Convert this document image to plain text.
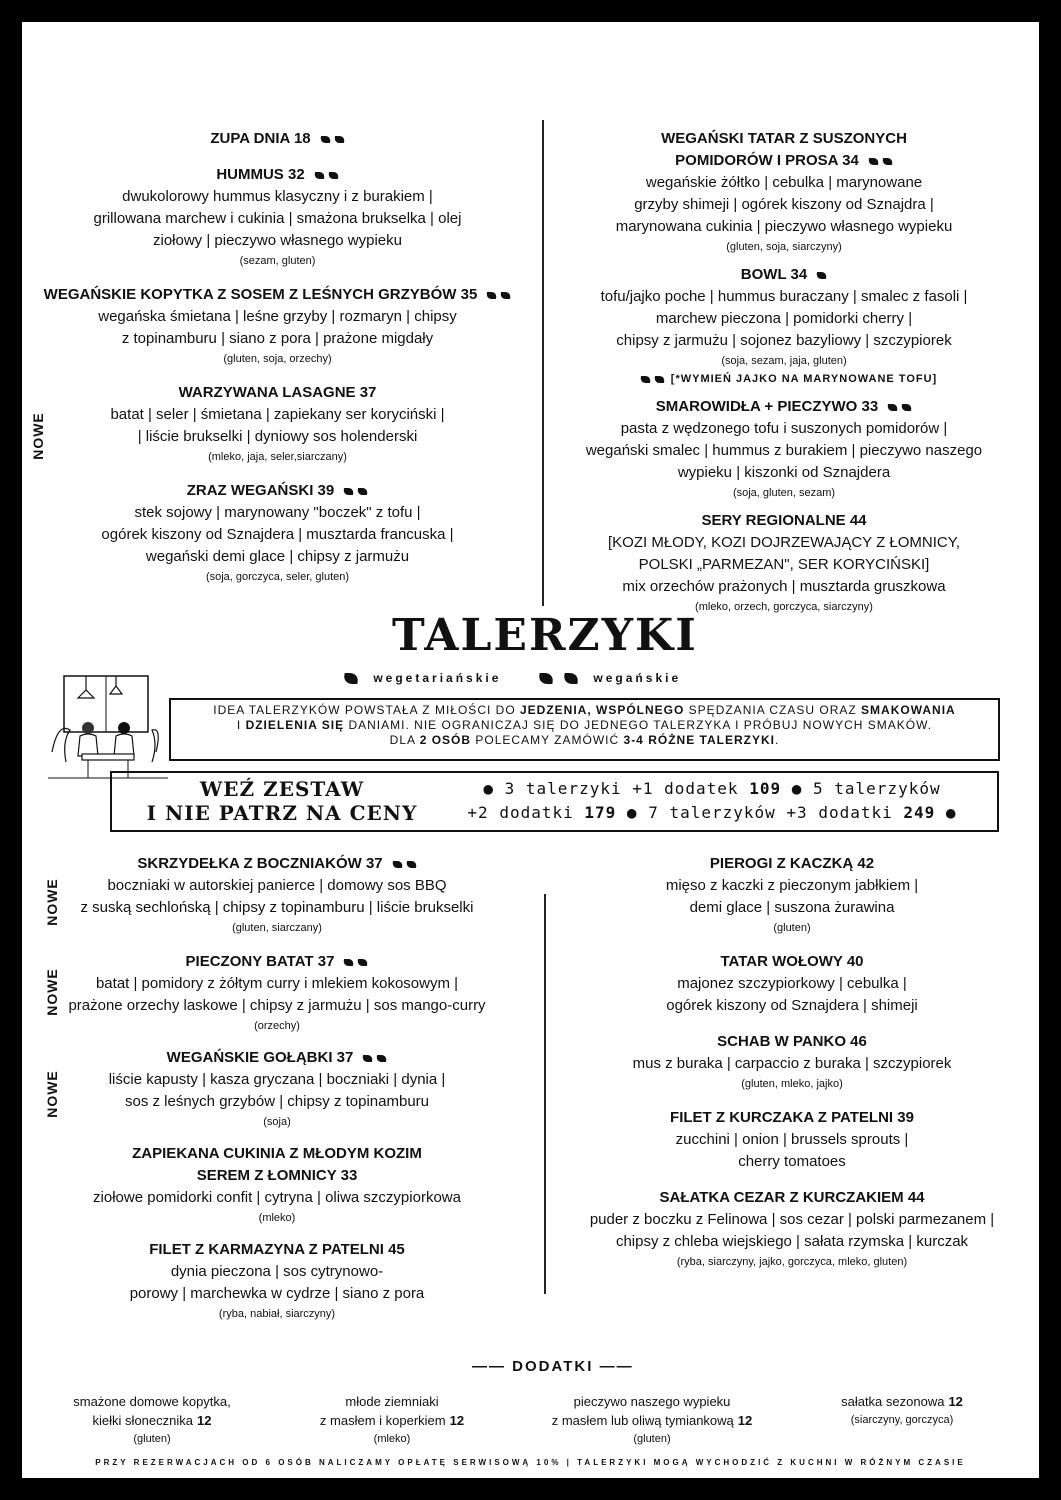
ZUPA DNIA 18
HUMMUS 32
dwukolorowy hummus klasyczny i z burakiem |
grillowana marchew i cukinia | smażona brukselka | olej
ziołowy | pieczywo własnego wypieku
(sezam, gluten)
WEGAŃSKIE KOPYTKA Z SOSEM Z LEŚNYCH GRZYBÓW 35
wegańska śmietana | leśne grzyby | rozmaryn | chipsy
z topinamburu | siano z pora | prażone migdały
(gluten, soja, orzechy)
WARZYWANA LASAGNE 37
batat | seler | śmietana | zapiekany ser koryciński |
| liście brukselki | dyniowy sos holenderski
(mleko, jaja, seler,siarczany)
ZRAZ WEGAŃSKI 39
stek sojowy | marynowany "boczek" z tofu |
ogórek kiszony od Sznajdera | musztarda francuska |
wegański demi glace | chipsy z jarmużu
(soja, gorczyca, seler, gluten)
WEGAŃSKI TATAR Z SUSZONYCH
POMIDORÓW I PROSA 34
wegańskie żółtko | cebulka | marynowane
grzyby shimeji | ogórek kiszony od Sznajdra |
marynowana cukinia | pieczywo własnego wypieku
(gluten, soja, siarczyny)
BOWL 34
tofu/jajko poche | hummus buraczany | smalec z fasoli |
marchew pieczona | pomidorki cherry |
chipsy z jarmużu | sojonez bazyliowy | szczypiorek
(soja, sezam, jaja, gluten)
[*WYMIEŃ JAJKO NA MARYNOWANE TOFU]
SMAROWIDŁA + PIECZYWO 33
pasta z wędzonego tofu i suszonych pomidorów |
wegański smalec | hummus z burakiem | pieczywo naszego
wypieku | kiszonki od Sznajdera
(soja, gluten, sezam)
SERY REGIONALNE 44
[KOZI MŁODY, KOZI DOJRZEWAJĄCY Z ŁOMNICY,
POLSKI „PARMEZAN", SER KORYCIŃSKI]
mix orzechów prażonych | musztarda gruszkowa
(mleko, orzech, gorczyca, siarczyny)
NOWE
TALERZYKI
wegetariańskie	wegańskie
IDEA TALERZYKÓW POWSTAŁA Z MIŁOŚCI DO JEDZENIA, WSPÓLNEGO SPĘDZANIA CZASU ORAZ SMAKOWANIA
I DZIELENIA SIĘ DANIAMI. NIE OGRANICZAJ SIĘ DO JEDNEGO TALERZYKA I PRÓBUJ NOWYCH SMAKÓW.
DLA 2 OSÓB POLECAMY ZAMÓWIĆ 3-4 RÓŻNE TALERZYKI.
WEŹ ZESTAW
I NIE PATRZ NA CENY
● 3 talerzyki +1 dodatek 109 ● 5 talerzyków
+2 dodatki 179 ● 7 talerzyków +3 dodatki 249 ●
SKRZYDEŁKA Z BOCZNIAKÓW 37
boczniaki w autorskiej panierce | domowy sos BBQ
z suską sechlońską | chipsy z topinamburu | liście brukselki
(gluten, siarczany)
PIECZONY BATAT 37
batat | pomidory z żółtym curry i mlekiem kokosowym |
prażone orzechy laskowe | chipsy z jarmużu | sos mango-curry
(orzechy)
WEGAŃSKIE GOŁĄBKI 37
liście kapusty | kasza gryczana | boczniaki | dynia |
sos z leśnych grzybów | chipsy z topinamburu
(soja)
ZAPIEKANA CUKINIA Z MŁODYM KOZIM
SEREM Z ŁOMNICY 33
ziołowe pomidorki confit | cytryna | oliwa szczypiorkowa
(mleko)
FILET Z KARMAZYNA Z PATELNI 45
dynia pieczona | sos cytrynowo-
porowy | marchewka w cydrze | siano z pora
(ryba, nabiał, siarczyny)
PIEROGI Z KACZKĄ 42
mięso z kaczki z pieczonym jabłkiem |
demi glace | suszona żurawina
(gluten)
TATAR WOŁOWY 40
majonez szczypiorkowy | cebulka |
ogórek kiszony od Sznajdera | shimeji
SCHAB W PANKO 46
mus z buraka | carpaccio z buraka | szczypiorek
(gluten, mleko, jajko)
FILET Z KURCZAKA Z PATELNI 39
zucchini | onion | brussels sprouts |
cherry tomatoes
SAŁATKA CEZAR Z KURCZAKIEM 44
puder z boczku z Felinowa | sos cezar | polski parmezanem |
chipsy z chleba wiejskiego | sałata rzymska | kurczak
(ryba, siarczyny, jajko, gorczyca, mleko, gluten)
NOWE
NOWE
NOWE
—— DODATKI ——
smażone domowe kopytka,
kiełki słonecznika 12
(gluten)
młode ziemniaki
z masłem i koperkiem 12
(mleko)
pieczywo naszego wypieku
z masłem lub oliwą tymiankową 12
(gluten)
sałatka sezonowa 12
(siarczyny, gorczyca)
PRZY REZERWACJACH OD 6 OSÓB NALICZAMY OPŁATĘ SERWISOWĄ 10% | TALERZYKI MOGĄ WYCHODZIĆ Z KUCHNI W RÓŻNYM CZASIE
